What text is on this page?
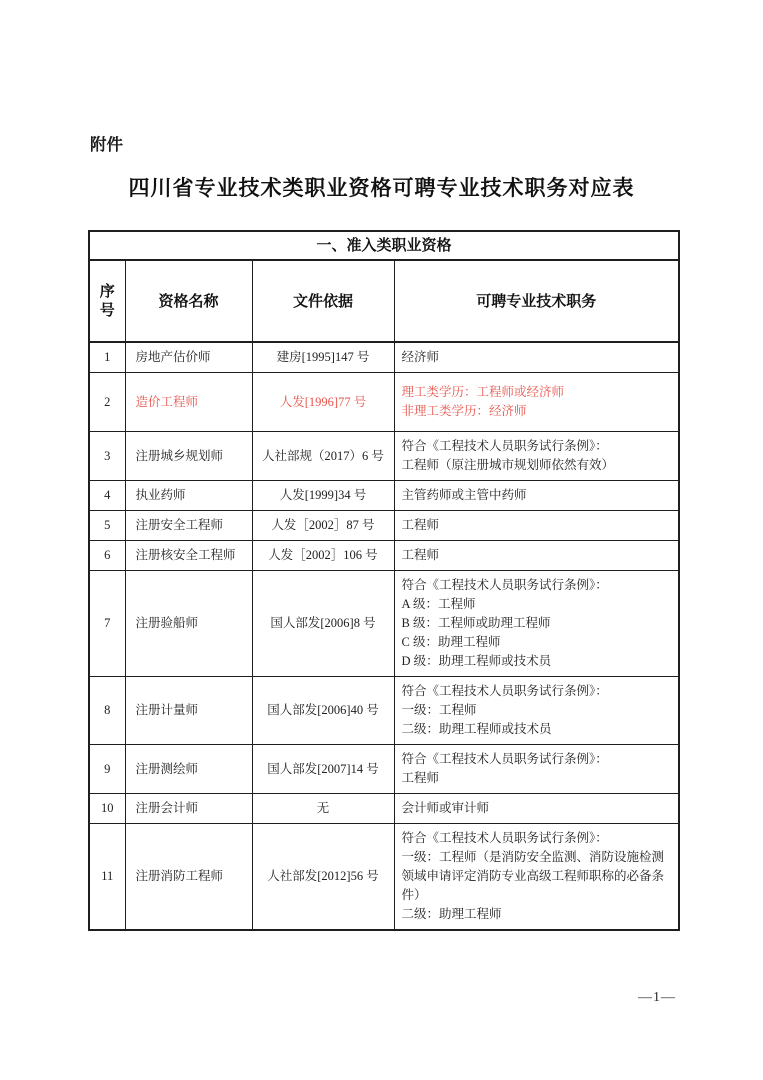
附件
四川省专业技术类职业资格可聘专业技术职务对应表
一、准入类职业资格			
序号	资格名称	文件依据	可聘专业技术职务
1	房地产估价师	建房[1995]147 号	经济师

2	造价工程师	人发[1996]77 号	理工类学历：工程师或经济师
非理工类学历：经济师

3	注册城乡规划师	人社部规（2017）6 号	符合《工程技术人员职务试行条例》：
工程师（原注册城市规划师依然有效）

4	执业药师	人发[1999]34 号	主管药师或主管中药师

5	注册安全工程师	人发［2002］87 号	工程师

6	注册核安全工程师	人发［2002］106 号	工程师

7	注册验船师	国人部发[2006]8 号	符合《工程技术人员职务试行条例》：
A 级：工程师
B 级：工程师或助理工程师
C 级：助理工程师
D 级：助理工程师或技术员

8	注册计量师	国人部发[2006]40 号	符合《工程技术人员职务试行条例》：
一级：工程师
二级：助理工程师或技术员

9	注册测绘师	国人部发[2007]14 号	符合《工程技术人员职务试行条例》：
工程师

10	注册会计师	无	会计师或审计师

11	注册消防工程师	人社部发[2012]56 号	符合《工程技术人员职务试行条例》：
一级：工程师（是消防安全监测、消防设施检测领域申请评定消防专业高级工程师职称的必备条件）
二级：助理工程师
—1—
